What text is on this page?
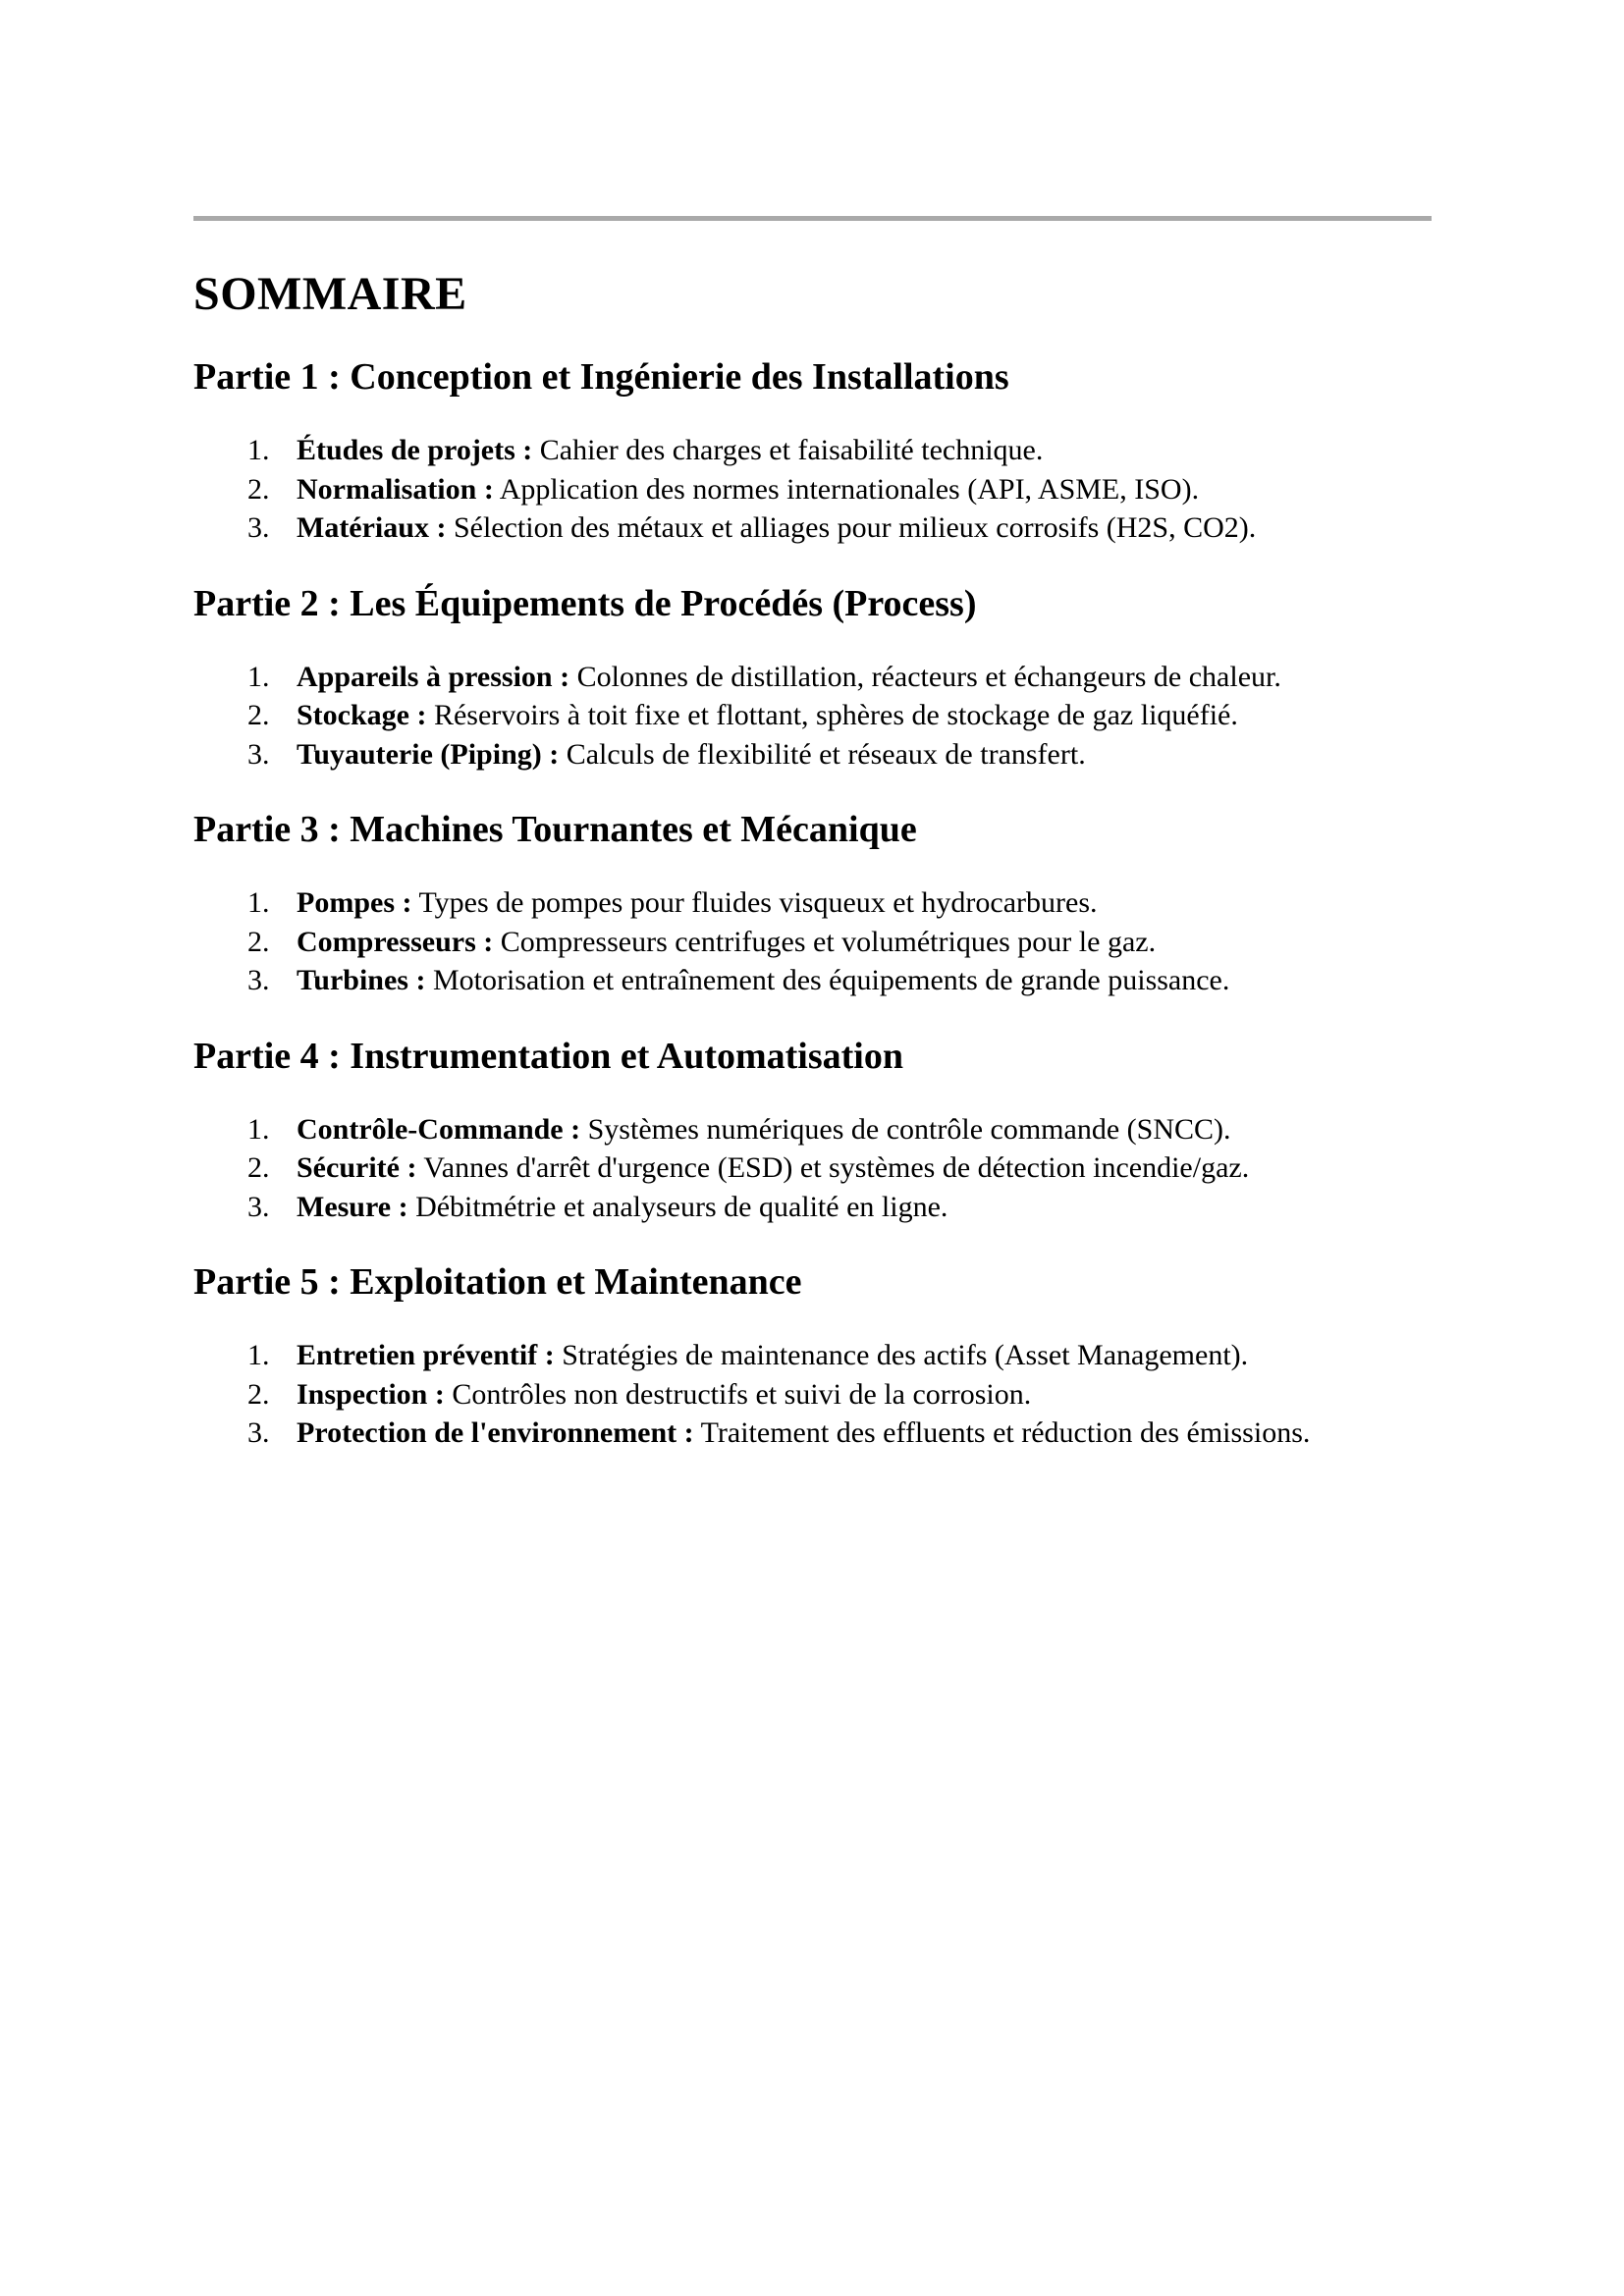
SOMMAIRE
Partie 1 : Conception et Ingénierie des Installations
1. Études de projets : Cahier des charges et faisabilité technique.
2. Normalisation : Application des normes internationales (API, ASME, ISO).
3. Matériaux : Sélection des métaux et alliages pour milieux corrosifs (H2S, CO2).
Partie 2 : Les Équipements de Procédés (Process)
1. Appareils à pression : Colonnes de distillation, réacteurs et échangeurs de chaleur.
2. Stockage : Réservoirs à toit fixe et flottant, sphères de stockage de gaz liquéfié.
3. Tuyauterie (Piping) : Calculs de flexibilité et réseaux de transfert.
Partie 3 : Machines Tournantes et Mécanique
1. Pompes : Types de pompes pour fluides visqueux et hydrocarbures.
2. Compresseurs : Compresseurs centrifuges et volumétriques pour le gaz.
3. Turbines : Motorisation et entraînement des équipements de grande puissance.
Partie 4 : Instrumentation et Automatisation
1. Contrôle-Commande : Systèmes numériques de contrôle commande (SNCC).
2. Sécurité : Vannes d'arrêt d'urgence (ESD) et systèmes de détection incendie/gaz.
3. Mesure : Débitmétrie et analyseurs de qualité en ligne.
Partie 5 : Exploitation et Maintenance
1. Entretien préventif : Stratégies de maintenance des actifs (Asset Management).
2. Inspection : Contrôles non destructifs et suivi de la corrosion.
3. Protection de l'environnement : Traitement des effluents et réduction des émissions.
